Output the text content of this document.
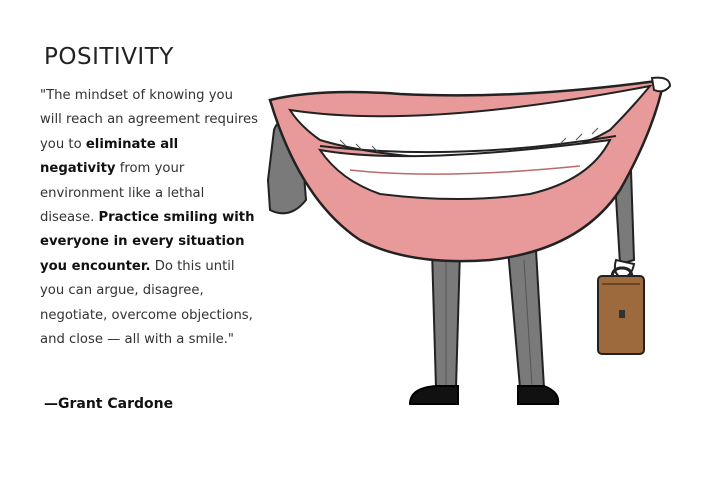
POSITIVITY

"The mindset of knowing you will reach an agreement requires you to eliminate all negativity from your environment like a lethal disease. Practice smiling with everyone in every situation you encounter. Do this until you can argue, disagree, negotiate, overcome objections, and close — all with a smile."

—Grant Cardone
